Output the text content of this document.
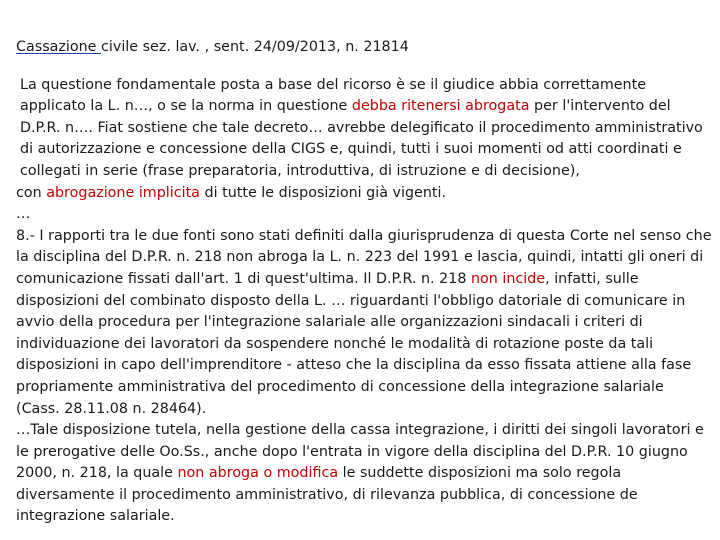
Cassazione civile sez. lav. , sent. 24/09/2013, n. 21814

La questione fondamentale posta a base del ricorso è se il giudice abbia correttamente applicato la L. n…, o se la norma in questione debba ritenersi abrogata per l'intervento del D.P.R. n…. Fiat sostiene che tale decreto… avrebbe delegificato il procedimento amministrativo di autorizzazione e concessione della CIGS e, quindi, tutti i suoi momenti od atti coordinati e collegati in serie (frase preparatoria, introduttiva, di istruzione e di decisione),

con abrogazione implicita di tutte le disposizioni già vigenti.

…

8.- I rapporti tra le due fonti sono stati definiti dalla giurisprudenza di questa Corte nel senso che la disciplina del D.P.R. n. 218 non abroga la L. n. 223 del 1991 e lascia, quindi, intatti gli oneri di comunicazione fissati dall'art. 1 di quest'ultima. Il D.P.R. n. 218 non incide, infatti, sulle disposizioni del combinato disposto della L. … riguardanti l'obbligo datoriale di comunicare in avvio della procedura per l'integrazione salariale alle organizzazioni sindacali i criteri di individuazione dei lavoratori da sospendere nonché le modalità di rotazione poste da tali disposizioni in capo dell'imprenditore - atteso che la disciplina da esso fissata attiene alla fase propriamente amministrativa del procedimento di concessione della integrazione salariale (Cass. 28.11.08 n. 28464).

…Tale disposizione tutela, nella gestione della cassa integrazione, i diritti dei singoli lavoratori e le prerogative delle Oo.Ss., anche dopo l'entrata in vigore della disciplina del D.P.R. 10 giugno 2000, n. 218, la quale non abroga o modifica le suddette disposizioni ma solo regola diversamente il procedimento amministrativo, di rilevanza pubblica, di concessione de integrazione salariale.
